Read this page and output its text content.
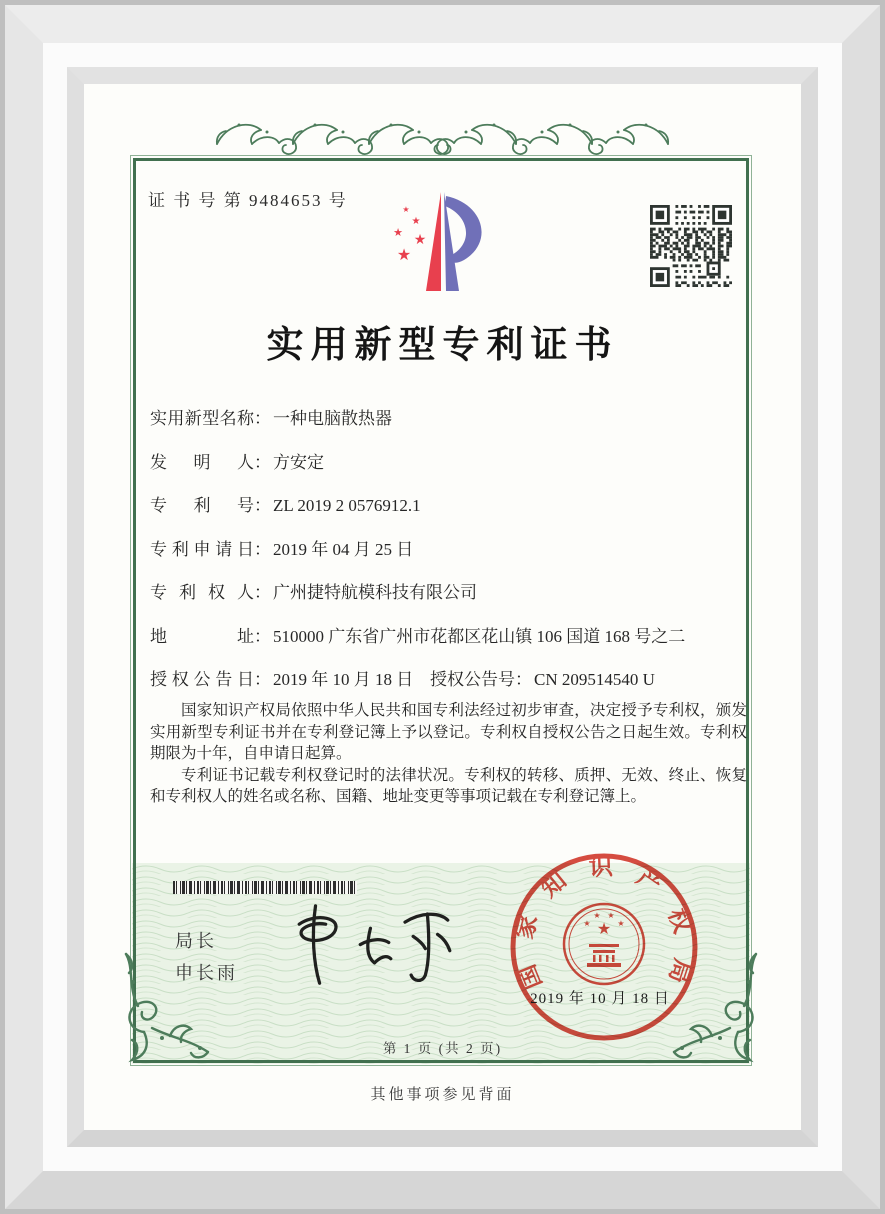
证 书 号 第 9484653 号	★
★
★ ★
★
实用新型专利证书
实用新型名称： 一种电脑散热器
发明人： 方安定
专利号： ZL 2019 2 0576912.1
专利申请日： 2019 年 04 月 25 日
专利权人： 广州捷特航模科技有限公司
地址： 510000 广东省广州市花都区花山镇 106 国道 168 号之二
授权公告日： 2019 年 10 月 18 日 授权公告号： CN 209514540 U

国家知识产权局依照中华人民共和国专利法经过初步审查，决定授予专利权，颁发实用新型专利证书并在专利登记簿上予以登记。专利权自授权公告之日起生效。专利权期限为十年，自申请日起算。

专利证书记载专利权登记时的法律状况。专利权的转移、质押、无效、终止、恢复和专利权人的姓名或名称、国籍、地址变更等事项记载在专利登记簿上。

局长
申长雨	国家知识产权局
★
★
★ ★
★
2019 年 10 月 18 日
第 1 页 (共 2 页)
其他事项参见背面
